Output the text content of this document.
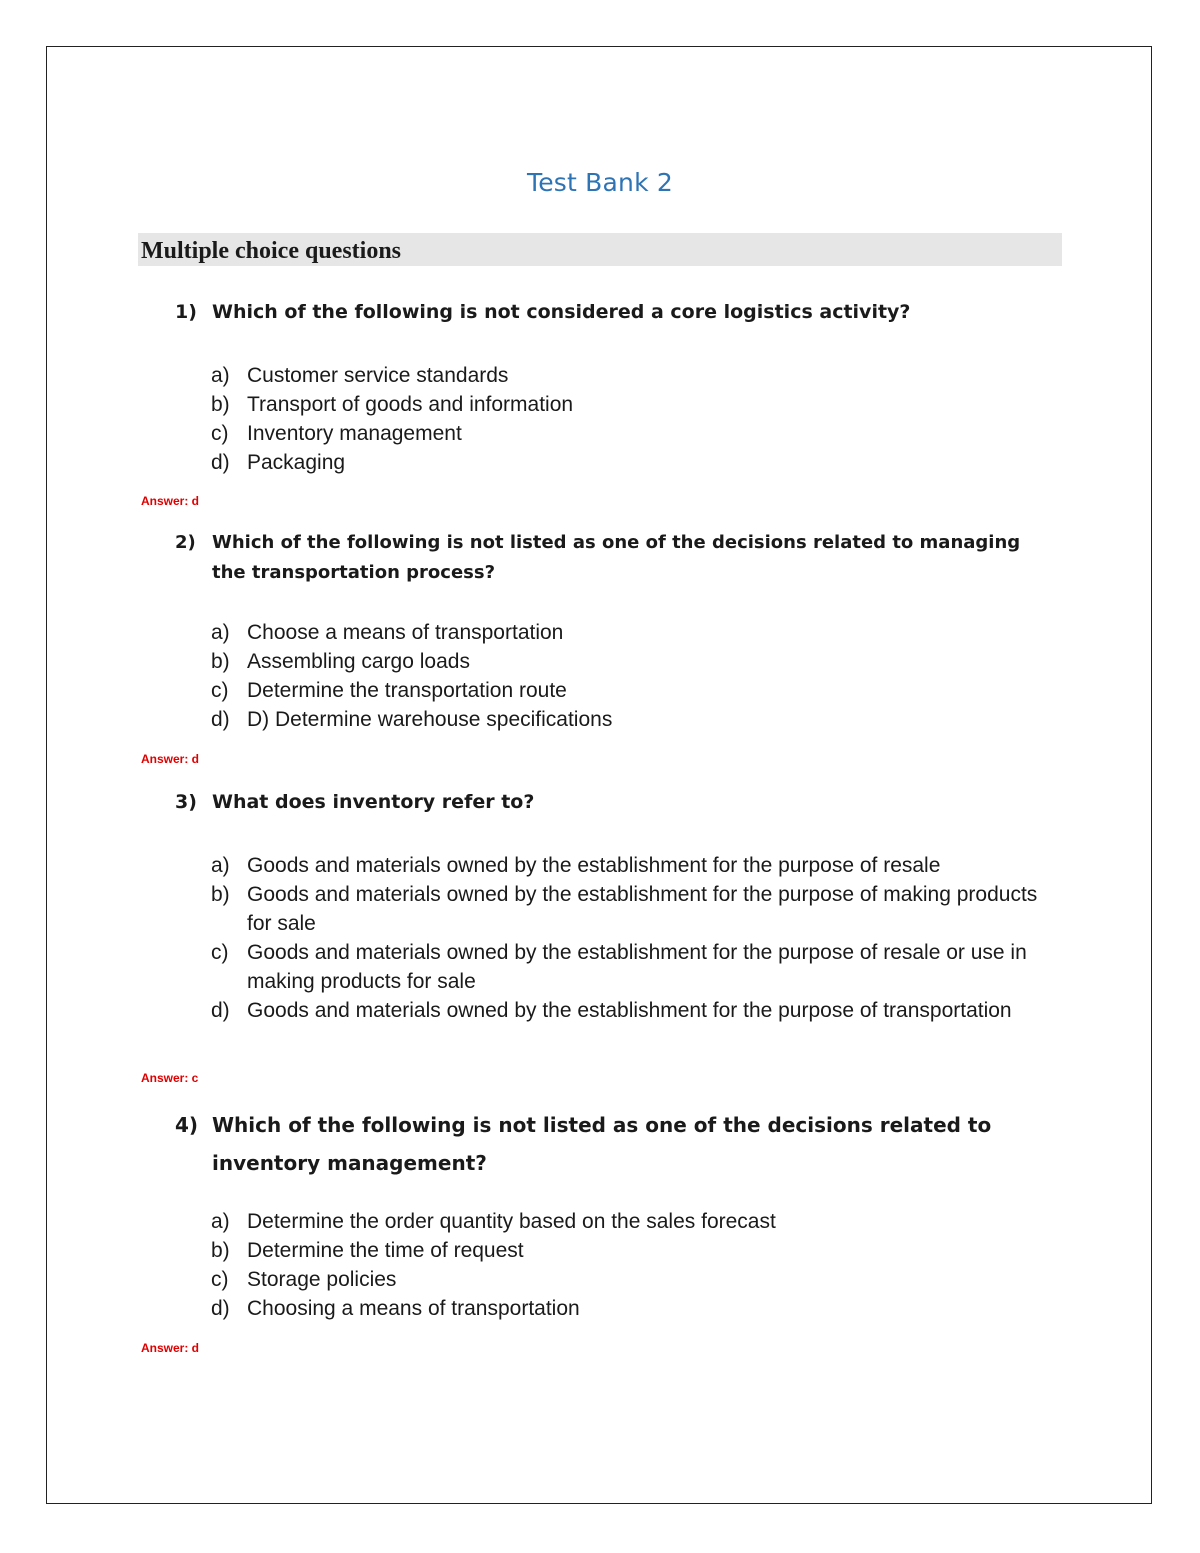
Test Bank 2
Multiple choice questions
1) Which of the following is not considered a core logistics activity?
a) Customer service standards
b) Transport of goods and information
c) Inventory management
d) Packaging
Answer: d
2) Which of the following is not listed as one of the decisions related to managing the transportation process?
a) Choose a means of transportation
b) Assembling cargo loads
c) Determine the transportation route
d) D) Determine warehouse specifications
Answer: d
3) What does inventory refer to?
a) Goods and materials owned by the establishment for the purpose of resale
b) Goods and materials owned by the establishment for the purpose of making products for sale
c) Goods and materials owned by the establishment for the purpose of resale or use in making products for sale
d) Goods and materials owned by the establishment for the purpose of transportation
Answer: c
4) Which of the following is not listed as one of the decisions related to inventory management?
a) Determine the order quantity based on the sales forecast
b) Determine the time of request
c) Storage policies
d) Choosing a means of transportation
Answer: d
